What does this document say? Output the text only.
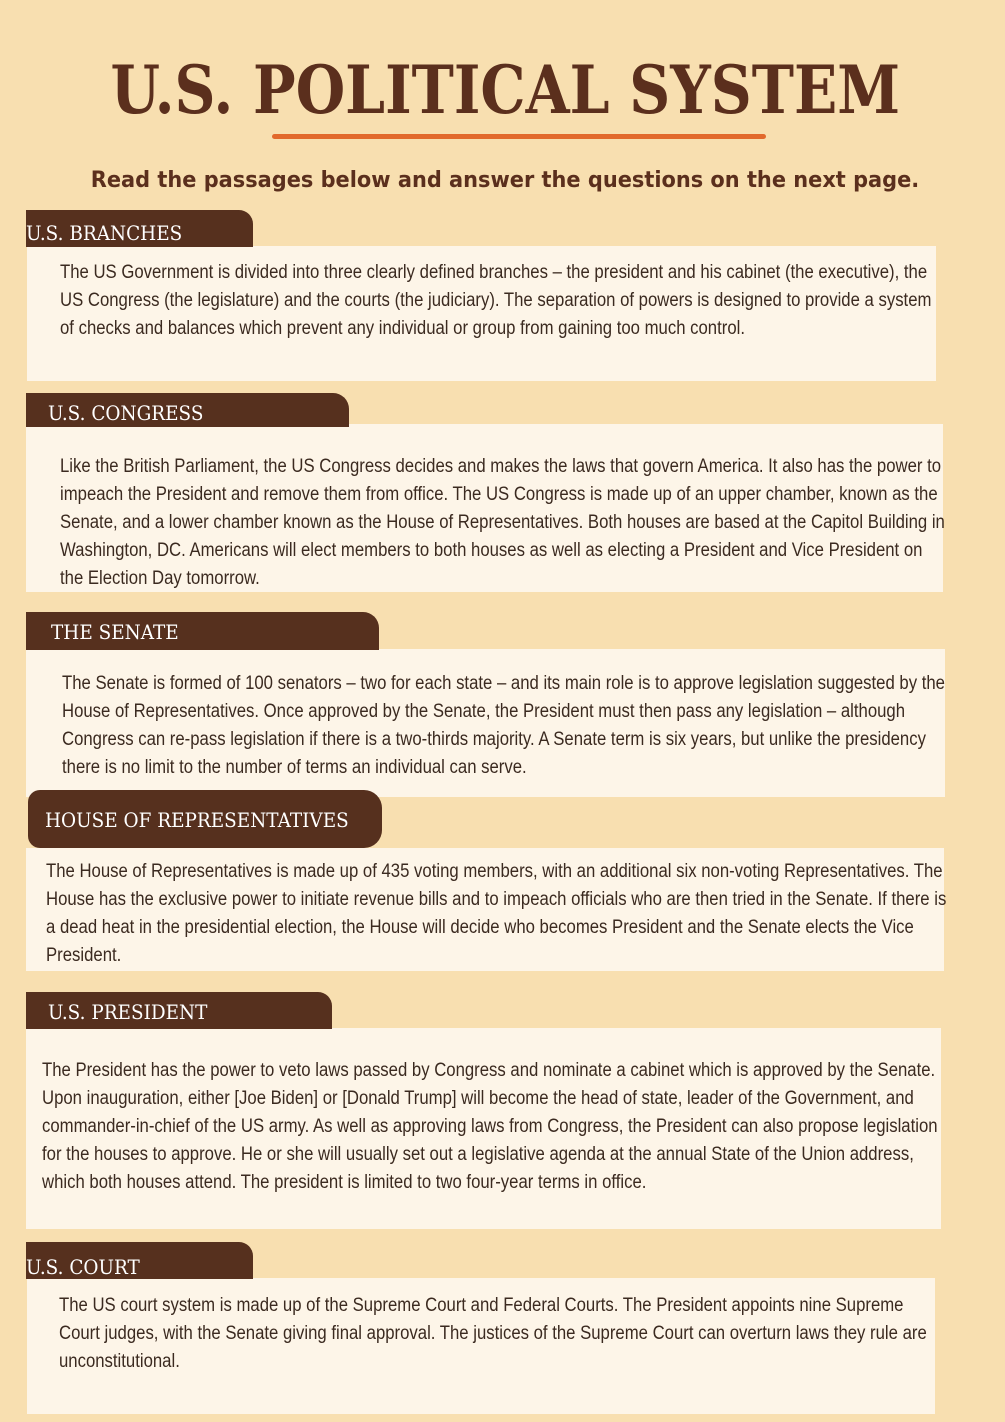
U.S. POLITICAL SYSTEM
Read the passages below and answer the questions on the next page.

The US Government is divided into three clearly defined branches – the president and his cabinet (the executive), the US Congress (the legislature) and the courts (the judiciary). The separation of powers is designed to provide a system of checks and balances which prevent any individual or group from gaining too much control.

U.S. BRANCHES

Like the British Parliament, the US Congress decides and makes the laws that govern America. It also has the power to impeach the President and remove them from office. The US Congress is made up of an upper chamber, known as the Senate, and a lower chamber known as the House of Representatives. Both houses are based at the Capitol Building in Washington, DC. Americans will elect members to both houses as well as electing a President and Vice President on the Election Day tomorrow.

U.S. CONGRESS

The Senate is formed of 100 senators – two for each state – and its main role is to approve legislation suggested by the House of Representatives. Once approved by the Senate, the President must then pass any legislation – although Congress can re-pass legislation if there is a two-thirds majority. A Senate term is six years, but unlike the presidency there is no limit to the number of terms an individual can serve.

THE SENATE

The House of Representatives is made up of 435 voting members, with an additional six non-voting Representatives. The House has the exclusive power to initiate revenue bills and to impeach officials who are then tried in the Senate. If there is a dead heat in the presidential election, the House will decide who becomes President and the Senate elects the Vice President.

HOUSE OF REPRESENTATIVES

The President has the power to veto laws passed by Congress and nominate a cabinet which is approved by the Senate. Upon inauguration, either [Joe Biden] or [Donald Trump] will become the head of state, leader of the Government, and commander-in-chief of the US army. As well as approving laws from Congress, the President can also propose legislation for the houses to approve. He or she will usually set out a legislative agenda at the annual State of the Union address, which both houses attend. The president is limited to two four-year terms in office.

U.S. PRESIDENT

The US court system is made up of the Supreme Court and Federal Courts. The President appoints nine Supreme Court judges, with the Senate giving final approval. The justices of the Supreme Court can overturn laws they rule are unconstitutional.

U.S. COURT
